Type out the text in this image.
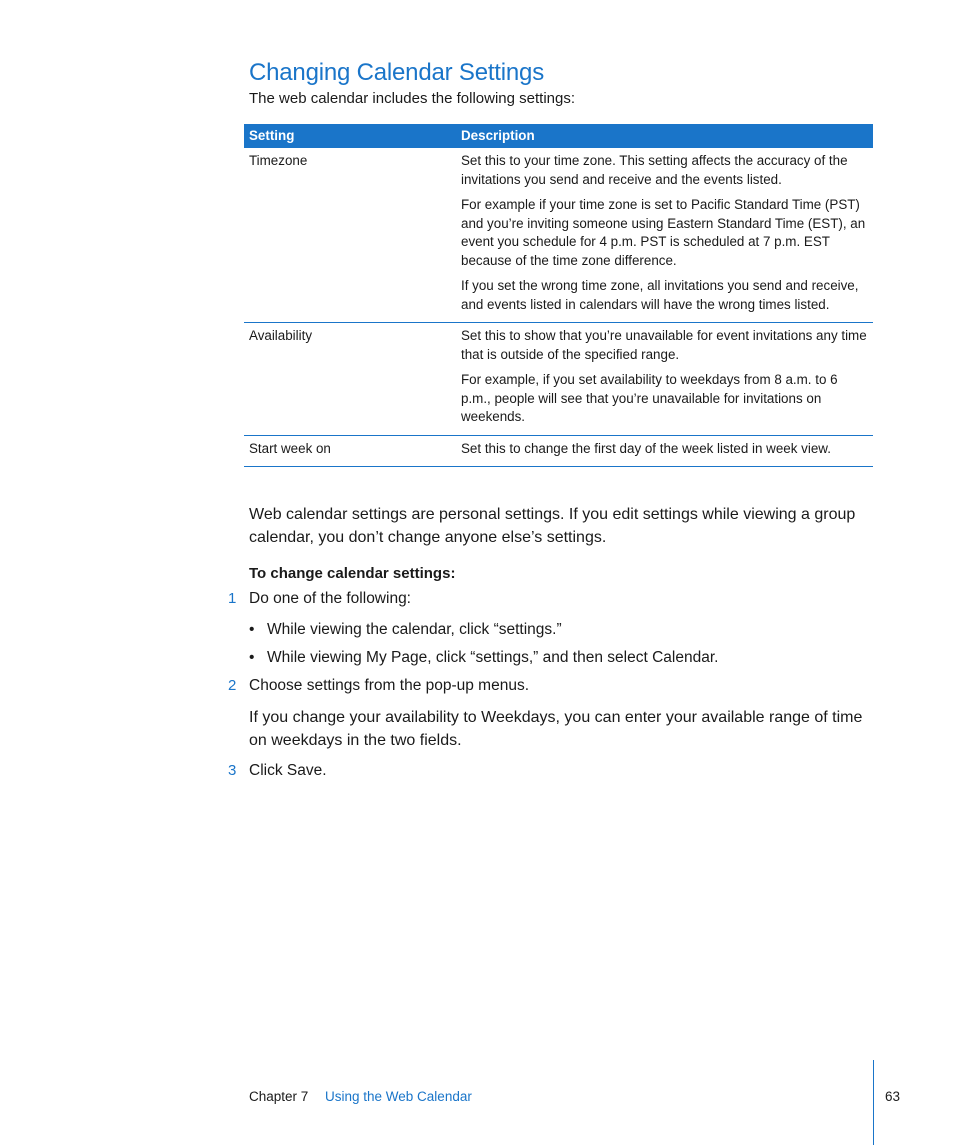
Changing Calendar Settings

The web calendar includes the following settings:

Setting	Description
Timezone	Set this to your time zone. This setting affects the accuracy of the invitations you send and receive and the events listed.

For example if your time zone is set to Pacific Standard Time (PST) and you’re inviting someone using Eastern Standard Time (EST), an event you schedule for 4 p.m. PST is scheduled at 7 p.m. EST because of the time zone difference.

If you set the wrong time zone, all invitations you send and receive, and events listed in calendars will have the wrong times listed.

Availability	Set this to show that you’re unavailable for event invitations any time that is outside of the specified range.

For example, if you set availability to weekdays from 8 a.m. to 6 p.m., people will see that you’re unavailable for invitations on weekends.

Start week on	Set this to change the first day of the week listed in week view.

Web calendar settings are personal settings. If you edit settings while viewing a group calendar, you don’t change anyone else’s settings.

To change calendar settings:

1 Do one of the following:

• While viewing the calendar, click “settings.”

• While viewing My Page, click “settings,” and then select Calendar.

2 Choose settings from the pop-up menus.

If you change your availability to Weekdays, you can enter your available range of time on weekdays in the two fields.

3 Click Save.

Chapter 7 Using the Web Calendar	63
